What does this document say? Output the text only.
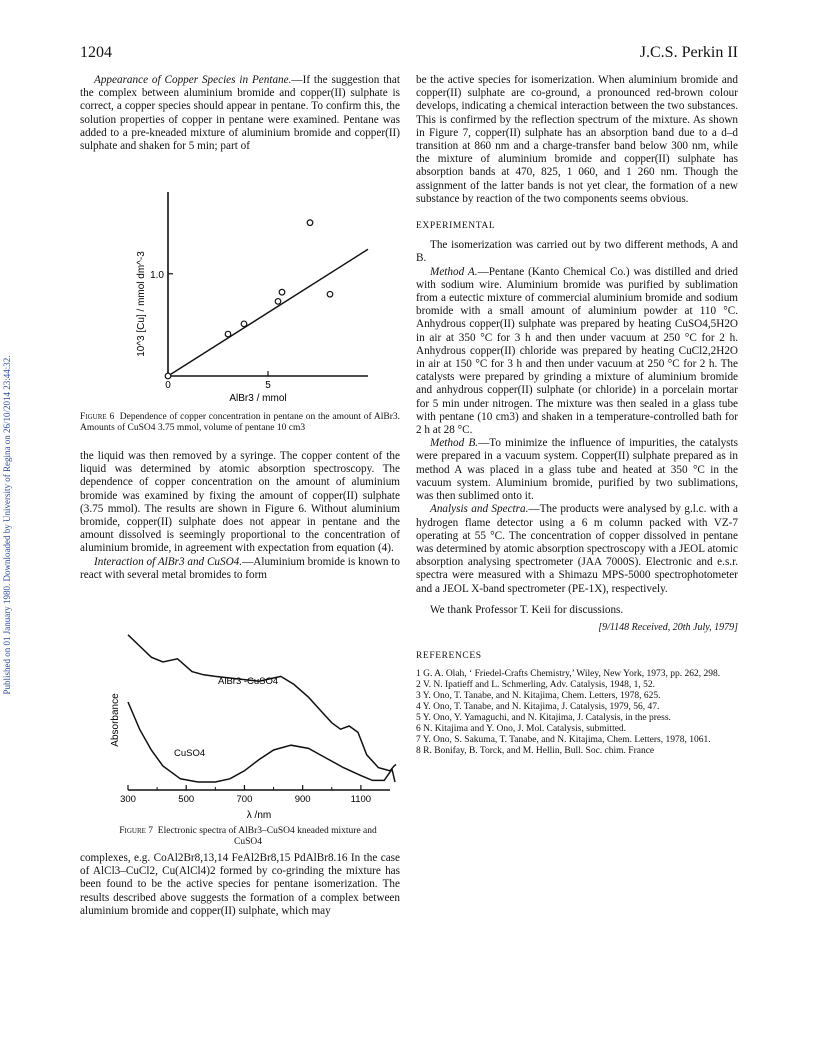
1204	J.C.S. Perkin II
Published on 01 January 1980. Downloaded by University of Regina on 26/10/2014 23:44:32.

Appearance of Copper Species in Pentane.—If the suggestion that the complex between aluminium bromide and copper(II) sulphate is correct, a copper species should appear in pentane. To confirm this, the solution properties of copper in pentane were examined. Pentane was added to a pre-kneaded mixture of aluminium bromide and copper(II) sulphate and shaken for 5 min; part of

0	5
1.0
AlBr3 / mmol
10^3 [Cu] / mmol dm^-3
Figure 6 Dependence of copper concentration in pentane on the amount of AlBr3. Amounts of CuSO4 3.75 mmol, volume of pentane 10 cm3

the liquid was then removed by a syringe. The copper content of the liquid was determined by atomic absorption spectroscopy. The dependence of copper concentration on the amount of aluminium bromide was examined by fixing the amount of copper(II) sulphate (3.75 mmol). The results are shown in Figure 6. Without aluminium bromide, copper(II) sulphate does not appear in pentane and the amount dissolved is seemingly proportional to the concentration of aluminium bromide, in agreement with expectation from equation (4).

Interaction of AlBr3 and CuSO4.—Aluminium bromide is known to react with several metal bromides to form

300	500	700	900	1100
λ /nm
Absorbance
AlBr3 -CuSO4
CuSO4
Figure 7 Electronic spectra of AlBr3–CuSO4 kneaded mixture and CuSO4

complexes, e.g. CoAl2Br8,13,14 FeAl2Br8,15 PdAlBr8.16 In the case of AlCl3–CuCl2, Cu(AlCl4)2 formed by co-grinding the mixture has been found to be the active species for pentane isomerization. The results described above suggests the formation of a complex between aluminium bromide and copper(II) sulphate, which may

be the active species for isomerization. When aluminium bromide and copper(II) sulphate are co-ground, a pronounced red-brown colour develops, indicating a chemical interaction between the two substances. This is confirmed by the reflection spectrum of the mixture. As shown in Figure 7, copper(II) sulphate has an absorption band due to a d–d transition at 860 nm and a charge-transfer band below 300 nm, while the mixture of aluminium bromide and copper(II) sulphate has absorption bands at 470, 825, 1 060, and 1 260 nm. Though the assignment of the latter bands is not yet clear, the formation of a new substance by reaction of the two components seems obvious.

EXPERIMENTAL

The isomerization was carried out by two different methods, A and B.

Method A.—Pentane (Kanto Chemical Co.) was distilled and dried with sodium wire. Aluminium bromide was purified by sublimation from a eutectic mixture of commercial aluminium bromide and sodium bromide with a small amount of aluminium powder at 110 °C. Anhydrous copper(II) sulphate was prepared by heating CuSO4,5H2O in air at 350 °C for 3 h and then under vacuum at 250 °C for 2 h. Anhydrous copper(II) chloride was prepared by heating CuCl2,2H2O in air at 150 °C for 3 h and then under vacuum at 250 °C for 2 h. The catalysts were prepared by grinding a mixture of aluminium bromide and anhydrous copper(II) sulphate (or chloride) in a porcelain mortar for 5 min under nitrogen. The mixture was then sealed in a glass tube with pentane (10 cm3) and shaken in a temperature-controlled bath for 2 h at 28 °C.

Method B.—To minimize the influence of impurities, the catalysts were prepared in a vacuum system. Copper(II) sulphate prepared as in method A was placed in a glass tube and heated at 350 °C in the vacuum system. Aluminium bromide, purified by two sublimations, was then sublimed onto it.

Analysis and Spectra.—The products were analysed by g.l.c. with a hydrogen flame detector using a 6 m column packed with VZ-7 operating at 55 °C. The concentration of copper dissolved in pentane was determined by atomic absorption spectroscopy with a JEOL atomic absorption analysing spectrometer (JAA 7000S). Electronic and e.s.r. spectra were measured with a Shimazu MPS-5000 spectrophotometer and a JEOL X-band spectrometer (PE-1X), respectively.

We thank Professor T. Keii for discussions.

[9/1148 Received, 20th July, 1979]
REFERENCES

1 G. A. Olah, ‘ Friedel-Crafts Chemistry,’ Wiley, New York, 1973, pp. 262, 298.

2 V. N. Ipatieff and L. Schmerling, Adv. Catalysis, 1948, 1, 52.

3 Y. Ono, T. Tanabe, and N. Kitajima, Chem. Letters, 1978, 625.

4 Y. Ono, T. Tanabe, and N. Kitajima, J. Catalysis, 1979, 56, 47.

5 Y. Ono, Y. Yamaguchi, and N. Kitajima, J. Catalysis, in the press.

6 N. Kitajima and Y. Ono, J. Mol. Catalysis, submitted.

7 Y. Ono, S. Sakuma, T. Tanabe, and N. Kitajima, Chem. Letters, 1978, 1061.

8 R. Bonifay, B. Torck, and M. Hellin, Bull. Soc. chim. France
